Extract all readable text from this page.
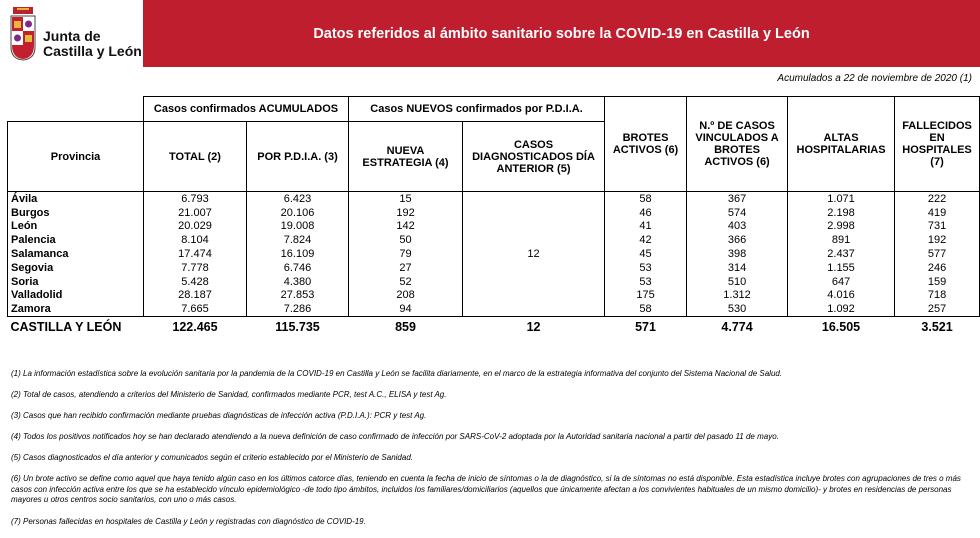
Junta de
Castilla y León
Datos referidos al ámbito sanitario sobre la COVID-19 en Castilla y León
Acumulados a 22 de noviembre de 2020 (1)
	Casos confirmados ACUMULADOS		Casos NUEVOS confirmados por P.D.I.A.		BROTES ACTIVOS (6)	N.º DE CASOS VINCULADOS A BROTES ACTIVOS (6)	ALTAS HOSPITALARIAS	FALLECIDOS EN HOSPITALES (7)
Provincia	TOTAL (2)	POR P.D.I.A. (3)	NUEVA ESTRATEGIA (4)	CASOS DIAGNOSTICADOS DÍA ANTERIOR (5)				
Ávila	6.793	6.423	15		58	367	1.071	222
Burgos	21.007	20.106	192		46	574	2.198	419
León	20.029	19.008	142		41	403	2.998	731
Palencia	8.104	7.824	50		42	366	891	192
Salamanca	17.474	16.109	79	12	45	398	2.437	577
Segovia	7.778	6.746	27		53	314	1.155	246
Soria	5.428	4.380	52		53	510	647	159
Valladolid	28.187	27.853	208		175	1.312	4.016	718
Zamora	7.665	7.286	94		58	530	1.092	257
CASTILLA Y LEÓN	122.465	115.735	859	12	571	4.774	16.505	3.521
(1) La información estadística sobre la evolución sanitaria por la pandemia de la COVID-19 en Castilla y León se facilita diariamente, en el marco de la estrategia informativa del conjunto del Sistema Nacional de Salud.
(2) Total de casos, atendiendo a criterios del Ministerio de Sanidad, confirmados mediante PCR, test A.C., ELISA y test Ag.
(3) Casos que han recibido confirmación mediante pruebas diagnósticas de infección activa (P.D.I.A.): PCR y test Ag.
(4) Todos los positivos notificados hoy se han declarado atendiendo a la nueva definición de caso confirmado de infección por SARS-CoV-2 adoptada por la Autoridad sanitaria nacional a partir del pasado 11 de mayo.
(5) Casos diagnosticados el día anterior y comunicados según el criterio establecido por el Ministerio de Sanidad.
(6) Un brote activo se define como aquel que haya tenido algún caso en los últimos catorce días, teniendo en cuenta la fecha de inicio de síntomas o la de diagnóstico, si la de síntomas no está disponible. Esta estadística incluye brotes con agrupaciones de tres o más casos con infección activa entre los que se ha establecido vínculo epidemiológico -de todo tipo ámbitos, incluidos los familiares/domiciliarios (aquellos que únicamente afectan a los convivientes habituales de un mismo domicilio)- y brotes en residencias de personas mayores u otros centros socio sanitarios, con uno o más casos.
(7) Personas fallecidas en hospitales de Castilla y León y registradas con diagnóstico de COVID-19.
